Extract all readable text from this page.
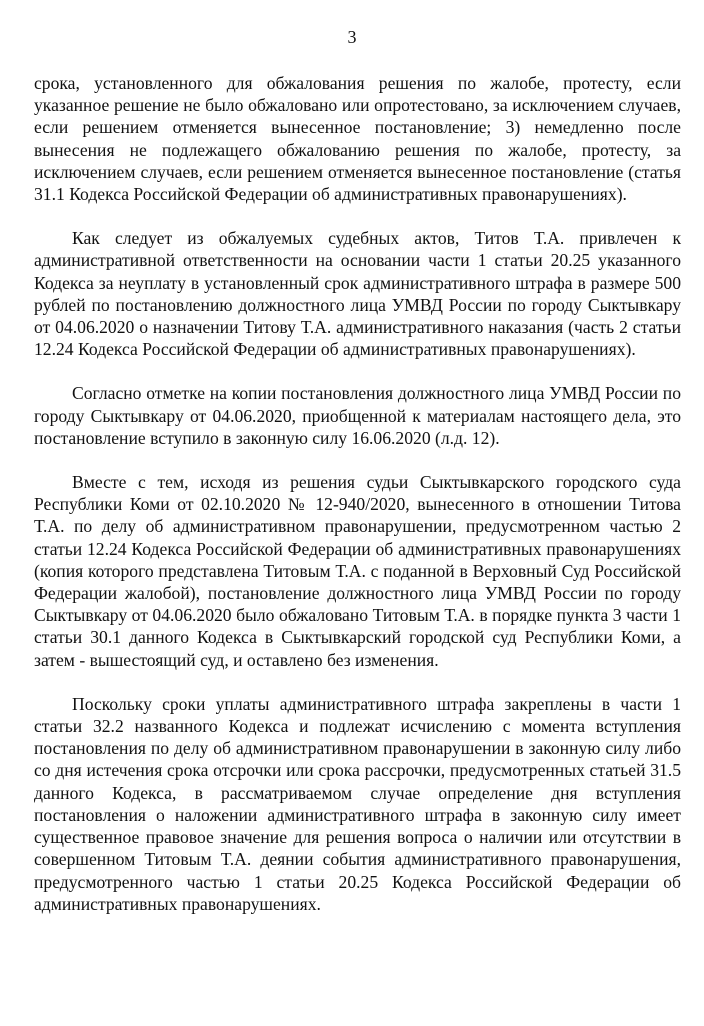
3

срока, установленного для обжалования решения по жалобе, протесту, если указанное решение не было обжаловано или опротестовано, за исключением случаев, если решением отменяется вынесенное постановление; 3) немедленно после вынесения не подлежащего обжалованию решения по жалобе, протесту, за исключением случаев, если решением отменяется вынесенное постановление (статья 31.1 Кодекса Российской Федерации об административных правонарушениях).

Как следует из обжалуемых судебных актов, Титов Т.А. привлечен к административной ответственности на основании части 1 статьи 20.25 указанного Кодекса за неуплату в установленный срок административного штрафа в размере 500 рублей по постановлению должностного лица УМВД России по городу Сыктывкару от 04.06.2020 о назначении Титову Т.А. административного наказания (часть 2 статьи 12.24 Кодекса Российской Федерации об административных правонарушениях).

Согласно отметке на копии постановления должностного лица УМВД России по городу Сыктывкару от 04.06.2020, приобщенной к материалам настоящего дела, это постановление вступило в законную силу 16.06.2020 (л.д. 12).

Вместе с тем, исходя из решения судьи Сыктывкарского городского суда Республики Коми от 02.10.2020 № 12-940/2020, вынесенного в отношении Титова Т.А. по делу об административном правонарушении, предусмотренном частью 2 статьи 12.24 Кодекса Российской Федерации об административных правонарушениях (копия которого представлена Титовым Т.А. с поданной в Верховный Суд Российской Федерации жалобой), постановление должностного лица УМВД России по городу Сыктывкару от 04.06.2020 было обжаловано Титовым Т.А. в порядке пункта 3 части 1 статьи 30.1 данного Кодекса в Сыктывкарский городской суд Республики Коми, а затем - вышестоящий суд, и оставлено без изменения.

Поскольку сроки уплаты административного штрафа закреплены в части 1 статьи 32.2 названного Кодекса и подлежат исчислению с момента вступления постановления по делу об административном правонарушении в законную силу либо со дня истечения срока отсрочки или срока рассрочки, предусмотренных статьей 31.5 данного Кодекса, в рассматриваемом случае определение дня вступления постановления о наложении административного штрафа в законную силу имеет существенное правовое значение для решения вопроса о наличии или отсутствии в совершенном Титовым Т.А. деянии события административного правонарушения, предусмотренного частью 1 статьи 20.25 Кодекса Российской Федерации об административных правонарушениях.
